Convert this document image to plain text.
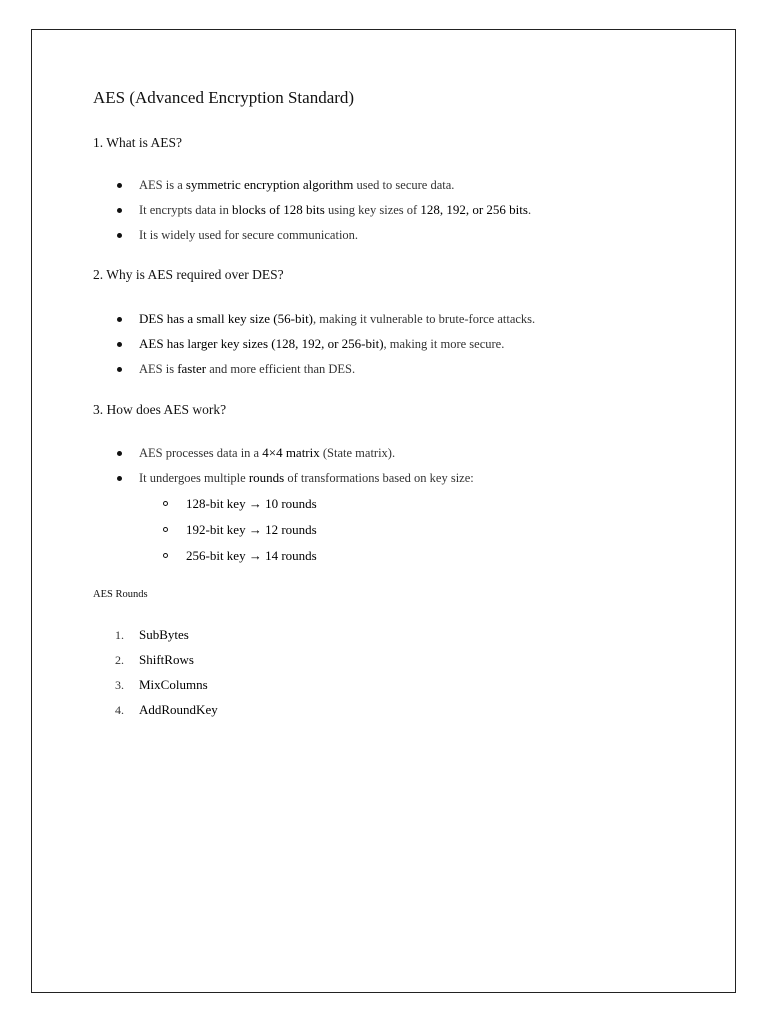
AES (Advanced Encryption Standard)
1. What is AES?
AES is a symmetric encryption algorithm used to secure data.
It encrypts data in blocks of 128 bits using key sizes of 128, 192, or 256 bits.
It is widely used for secure communication.
2. Why is AES required over DES?
DES has a small key size (56-bit), making it vulnerable to brute-force attacks.
AES has larger key sizes (128, 192, or 256-bit), making it more secure.
AES is faster and more efficient than DES.
3. How does AES work?
AES processes data in a 4×4 matrix (State matrix).
It undergoes multiple rounds of transformations based on key size:
128-bit key → 10 rounds
192-bit key → 12 rounds
256-bit key → 14 rounds
AES Rounds
1. SubBytes
2. ShiftRows
3. MixColumns
4. AddRoundKey
